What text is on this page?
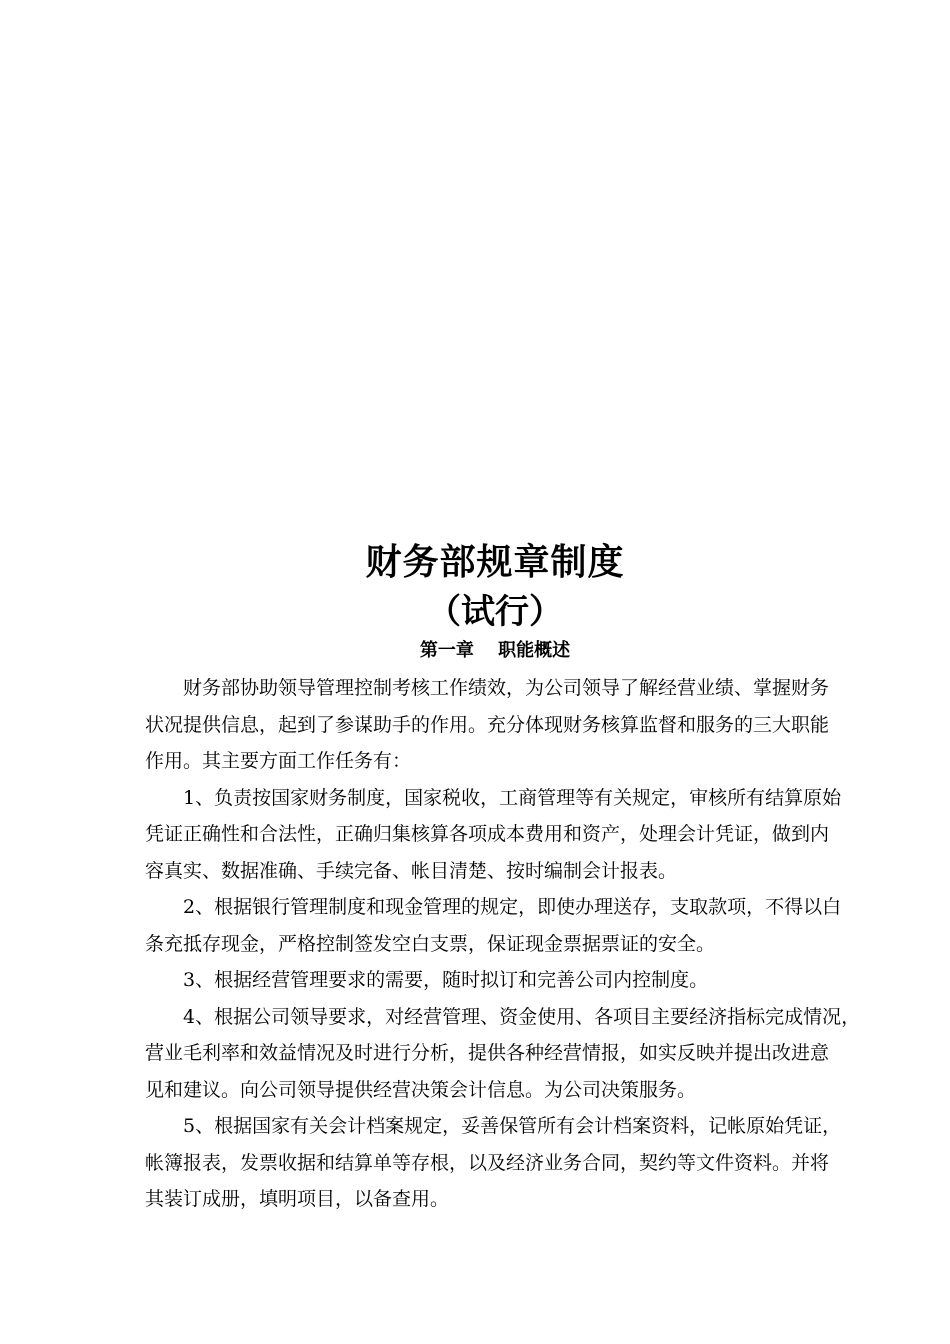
财务部规章制度
（试行）
第一章　 职能概述

财务部协助领导管理控制考核工作绩效，为公司领导了解经营业绩、掌握财务
状况提供信息，起到了参谋助手的作用。充分体现财务核算监督和服务的三大职能
作用。其主要方面工作任务有：

1、负责按国家财务制度，国家税收，工商管理等有关规定，审核所有结算原始
凭证正确性和合法性，正确归集核算各项成本费用和资产，处理会计凭证，做到内
容真实、数据准确、手续完备、帐目清楚、按时编制会计报表。

2、根据银行管理制度和现金管理的规定，即使办理送存，支取款项，不得以白
条充抵存现金，严格控制签发空白支票，保证现金票据票证的安全。

3、根据经营管理要求的需要，随时拟订和完善公司内控制度。

4、根据公司领导要求，对经营管理、资金使用、各项目主要经济指标完成情况，
营业毛利率和效益情况及时进行分析，提供各种经营情报，如实反映并提出改进意
见和建议。向公司领导提供经营决策会计信息。为公司决策服务。

5、根据国家有关会计档案规定，妥善保管所有会计档案资料，记帐原始凭证，
帐簿报表，发票收据和结算单等存根，以及经济业务合同，契约等文件资料。并将
其装订成册，填明项目，以备查用。
